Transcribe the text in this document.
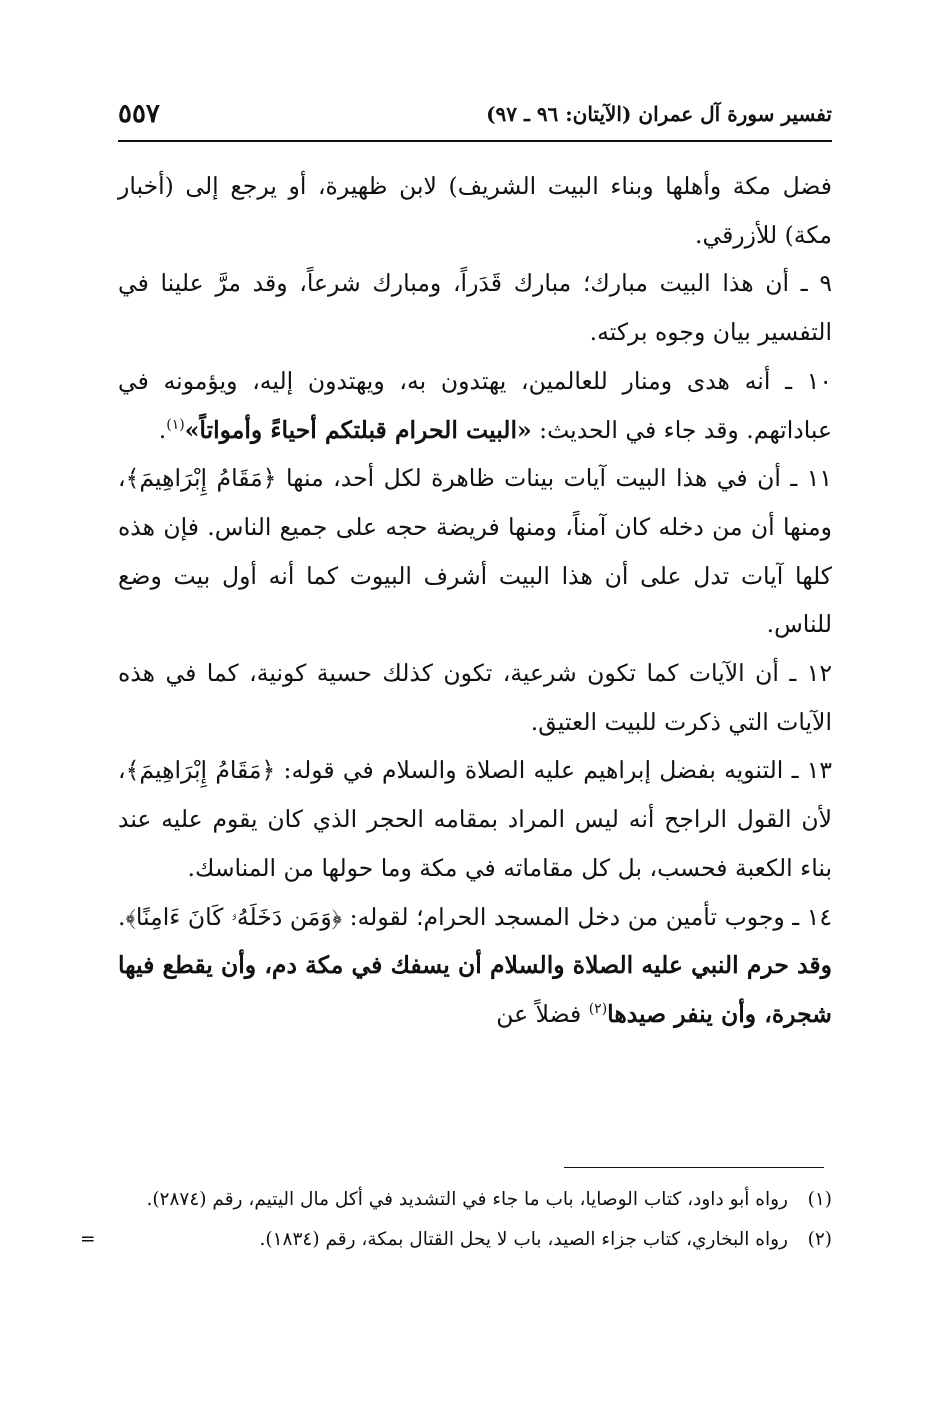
تفسير سورة آل عمران (الآيتان: ٩٦ ـ ٩٧)
٥٥٧

فضل مكة وأهلها وبناء البيت الشريف) لابن ظهيرة، أو يرجع إلى (أخبار مكة) للأزرقي.

٩ ـ أن هذا البيت مبارك؛ مبارك قَدَراً، ومبارك شرعاً، وقد مرَّ علينا في التفسير بيان وجوه بركته.

١٠ ـ أنه هدى ومنار للعالمين، يهتدون به، ويهتدون إليه، ويؤمونه في عباداتهم. وقد جاء في الحديث: «البيت الحرام قبلتكم أحياءً وأمواتاً»$^{(١)}$.

١١ ـ أن في هذا البيت آيات بينات ظاهرة لكل أحد، منها ﴿مَقَامُ إِبْرَاهِيمَ﴾، ومنها أن من دخله كان آمناً، ومنها فريضة حجه على جميع الناس. فإن هذه كلها آيات تدل على أن هذا البيت أشرف البيوت كما أنه أول بيت وضع للناس.

١٢ ـ أن الآيات كما تكون شرعية، تكون كذلك حسية كونية، كما في هذه الآيات التي ذكرت للبيت العتيق.

١٣ ـ التنويه بفضل إبراهيم عليه الصلاة والسلام في قوله: ﴿مَقَامُ إِبْرَاهِيمَ﴾، لأن القول الراجح أنه ليس المراد بمقامه الحجر الذي كان يقوم عليه عند بناء الكعبة فحسب، بل كل مقاماته في مكة وما حولها من المناسك.

١٤ ـ وجوب تأمين من دخل المسجد الحرام؛ لقوله: ﴿وَمَن دَخَلَهُۥ كَانَ ءَامِنًا﴾. وقد حرم النبي عليه الصلاة والسلام أن يسفك في مكة دم، وأن يقطع فيها شجرة، وأن ينفر صيدها$^{(٢)}$ فضلاً عن

(١)
رواه أبو داود، كتاب الوصايا، باب ما جاء في التشديد في أكل مال اليتيم، رقم (٢٨٧٤).
(٢)
رواه البخاري، كتاب جزاء الصيد، باب لا يحل القتال بمكة، رقم (١٨٣٤).
=
